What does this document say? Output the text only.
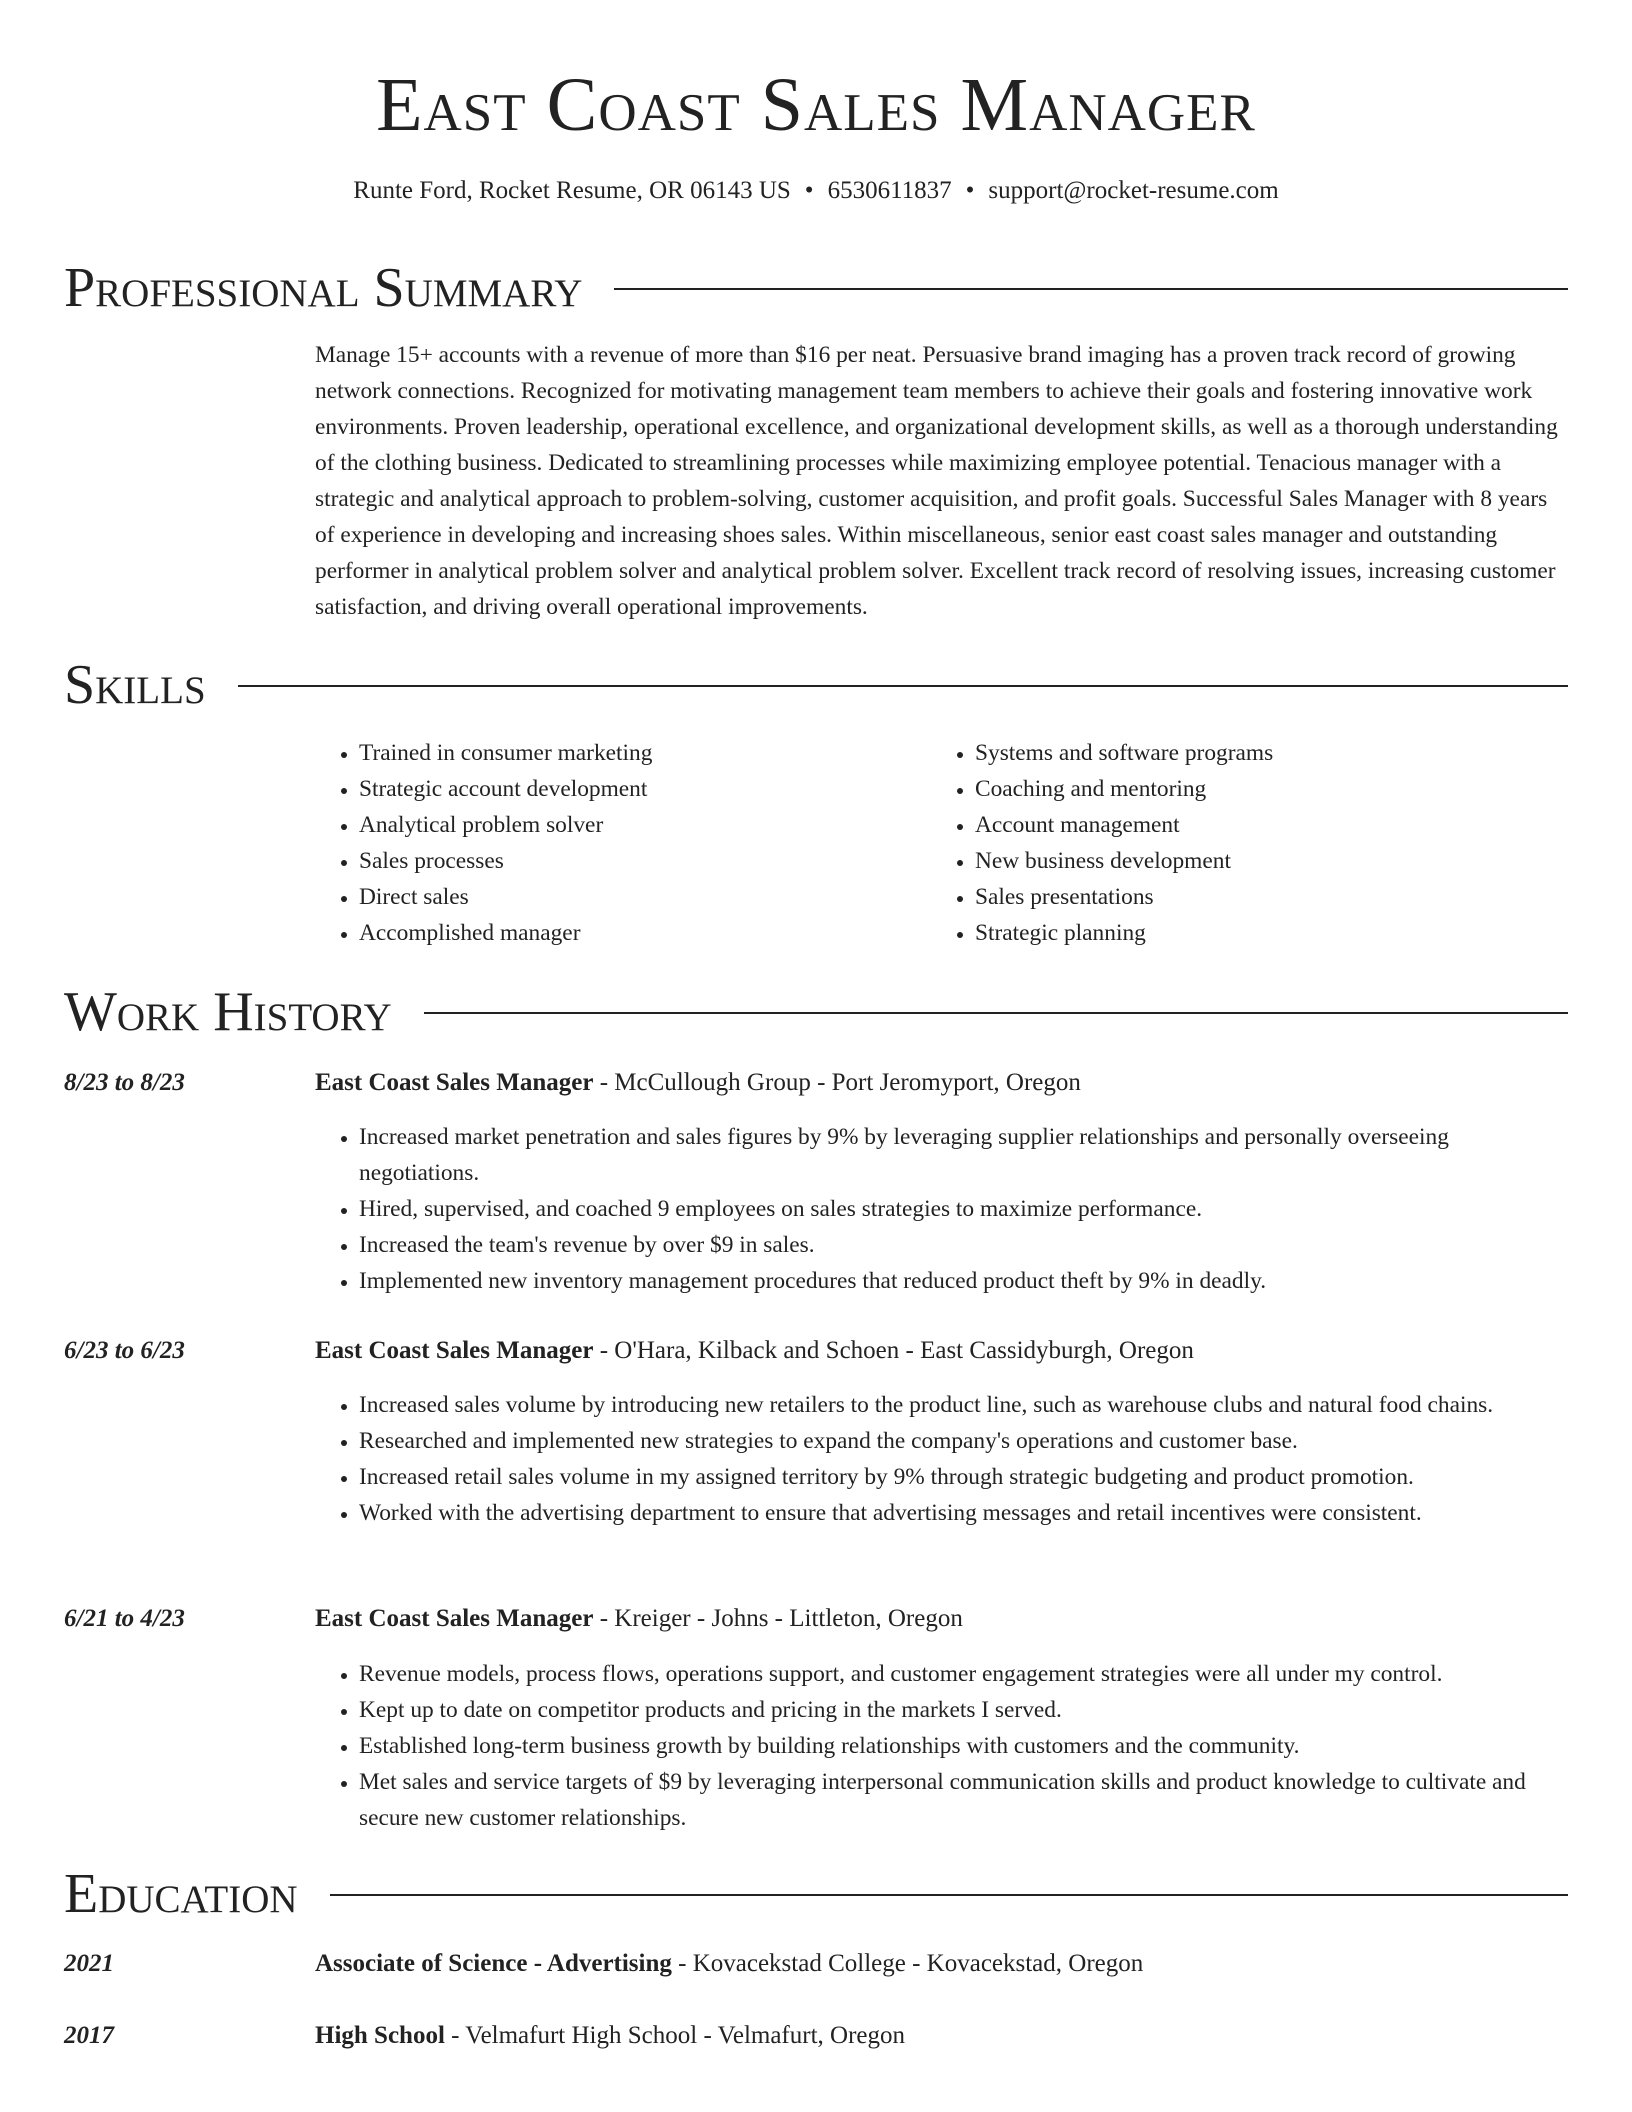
East Coast Sales Manager
Runte Ford, Rocket Resume, OR 06143 US • 6530611837 • support@rocket-resume.com
Professional Summary
Manage 15+ accounts with a revenue of more than $16 per neat. Persuasive brand imaging has a proven track record of growing network connections. Recognized for motivating management team members to achieve their goals and fostering innovative work environments. Proven leadership, operational excellence, and organizational development skills, as well as a thorough understanding of the clothing business. Dedicated to streamlining processes while maximizing employee potential. Tenacious manager with a strategic and analytical approach to problem-solving, customer acquisition, and profit goals. Successful Sales Manager with 8 years of experience in developing and increasing shoes sales. Within miscellaneous, senior east coast sales manager and outstanding performer in analytical problem solver and analytical problem solver. Excellent track record of resolving issues, increasing customer satisfaction, and driving overall operational improvements.
Skills
• Trained in consumer marketing
• Strategic account development
• Analytical problem solver
• Sales processes
• Direct sales
• Accomplished manager
• Systems and software programs
• Coaching and mentoring
• Account management
• New business development
• Sales presentations
• Strategic planning
Work History
8/23 to 8/23	East Coast Sales Manager - McCullough Group - Port Jeromyport, Oregon
• Increased market penetration and sales figures by 9% by leveraging supplier relationships and personally overseeing negotiations.
• Hired, supervised, and coached 9 employees on sales strategies to maximize performance.
• Increased the team's revenue by over $9 in sales.
• Implemented new inventory management procedures that reduced product theft by 9% in deadly.
6/23 to 6/23	East Coast Sales Manager - O'Hara, Kilback and Schoen - East Cassidyburgh, Oregon
• Increased sales volume by introducing new retailers to the product line, such as warehouse clubs and natural food chains.
• Researched and implemented new strategies to expand the company's operations and customer base.
• Increased retail sales volume in my assigned territory by 9% through strategic budgeting and product promotion.
• Worked with the advertising department to ensure that advertising messages and retail incentives were consistent.
6/21 to 4/23	East Coast Sales Manager - Kreiger - Johns - Littleton, Oregon
• Revenue models, process flows, operations support, and customer engagement strategies were all under my control.
• Kept up to date on competitor products and pricing in the markets I served.
• Established long-term business growth by building relationships with customers and the community.
• Met sales and service targets of $9 by leveraging interpersonal communication skills and product knowledge to cultivate and secure new customer relationships.
Education
2021	Associate of Science - Advertising - Kovacekstad College - Kovacekstad, Oregon
2017	High School - Velmafurt High School - Velmafurt, Oregon
